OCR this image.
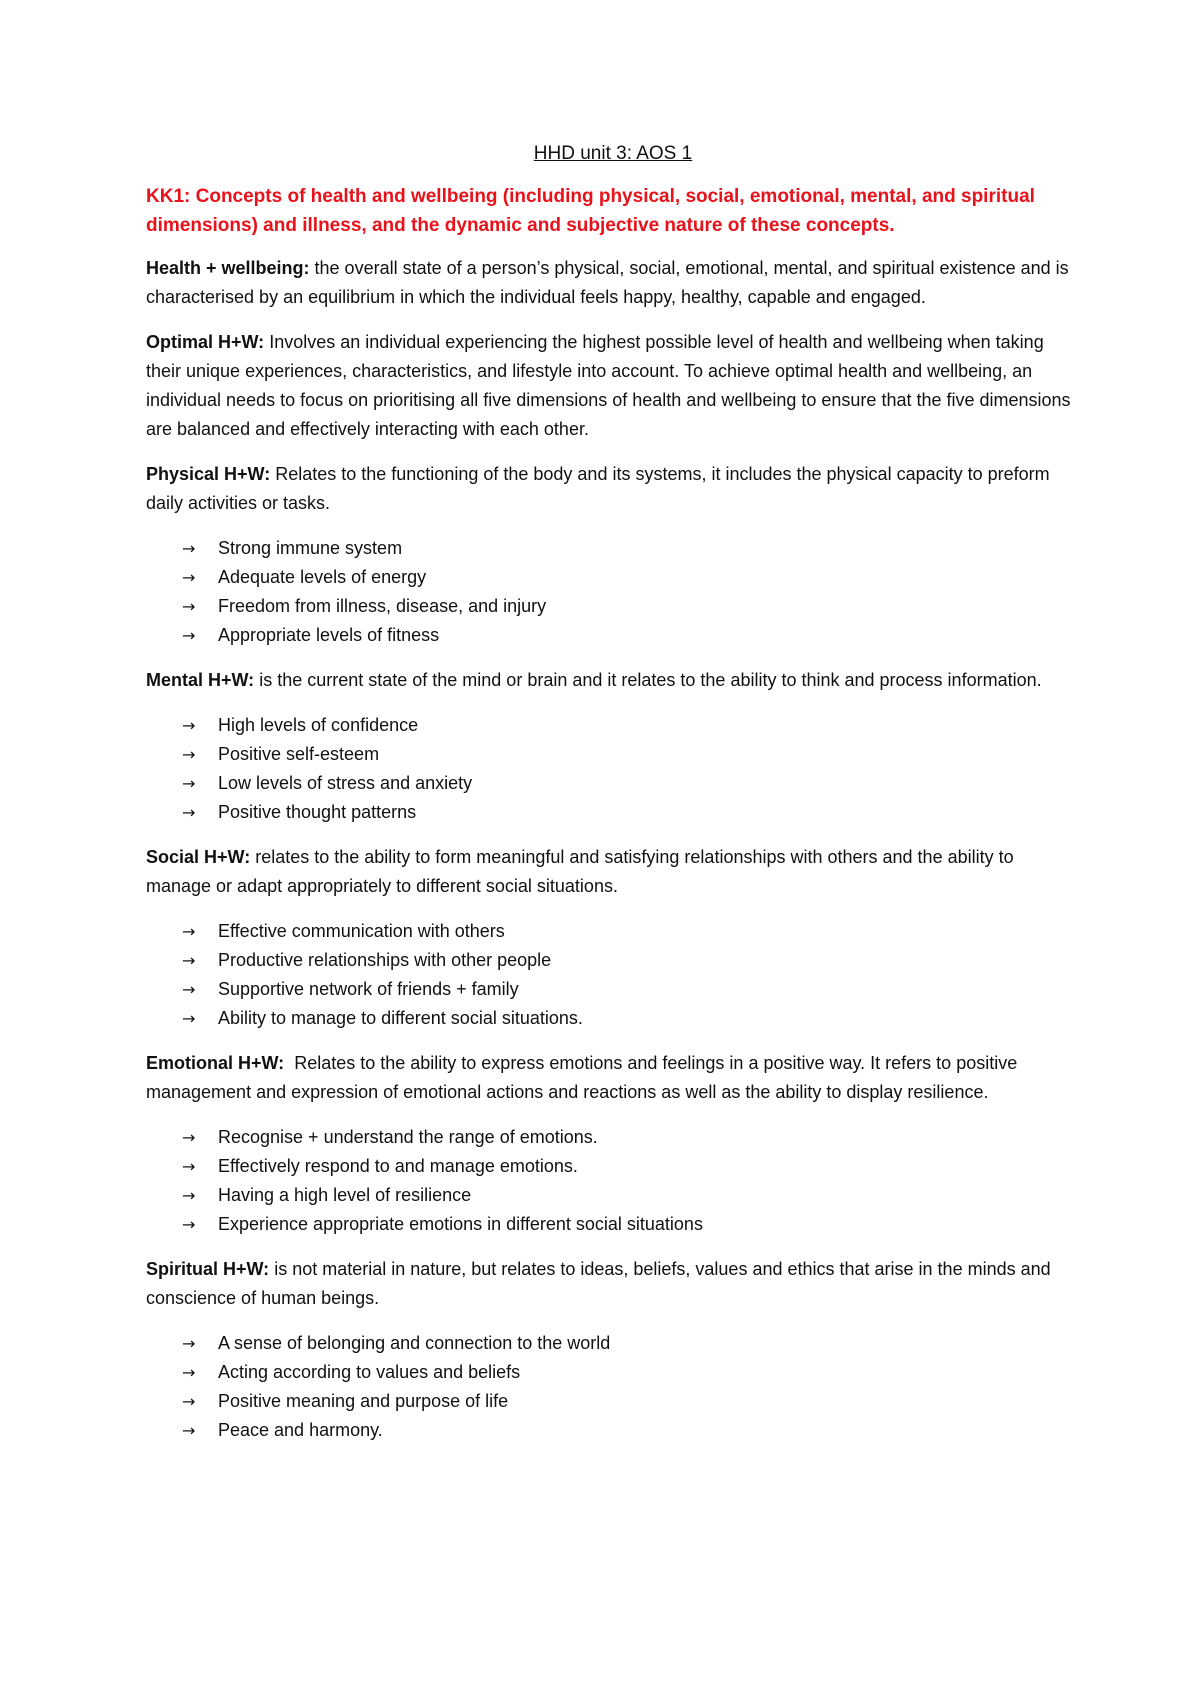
HHD unit 3: AOS 1
KK1: Concepts of health and wellbeing (including physical, social, emotional, mental, and spiritual dimensions) and illness, and the dynamic and subjective nature of these concepts.
Health + wellbeing: the overall state of a person’s physical, social, emotional, mental, and spiritual existence and is characterised by an equilibrium in which the individual feels happy, healthy, capable and engaged.
Optimal H+W: Involves an individual experiencing the highest possible level of health and wellbeing when taking their unique experiences, characteristics, and lifestyle into account. To achieve optimal health and wellbeing, an individual needs to focus on prioritising all five dimensions of health and wellbeing to ensure that the five dimensions are balanced and effectively interacting with each other.
Physical H+W: Relates to the functioning of the body and its systems, it includes the physical capacity to preform daily activities or tasks.
→	Strong immune system
→	Adequate levels of energy
→	Freedom from illness, disease, and injury
→	Appropriate levels of fitness
Mental H+W: is the current state of the mind or brain and it relates to the ability to think and process information.
→	High levels of confidence
→	Positive self-esteem
→	Low levels of stress and anxiety
→	Positive thought patterns
Social H+W: relates to the ability to form meaningful and satisfying relationships with others and the ability to manage or adapt appropriately to different social situations.
→	Effective communication with others
→	Productive relationships with other people
→	Supportive network of friends + family
→	Ability to manage to different social situations.
Emotional H+W:  Relates to the ability to express emotions and feelings in a positive way. It refers to positive management and expression of emotional actions and reactions as well as the ability to display resilience.
→	Recognise + understand the range of emotions.
→	Effectively respond to and manage emotions.
→	Having a high level of resilience
→	Experience appropriate emotions in different social situations
Spiritual H+W: is not material in nature, but relates to ideas, beliefs, values and ethics that arise in the minds and conscience of human beings.
→	A sense of belonging and connection to the world
→	Acting according to values and beliefs
→	Positive meaning and purpose of life
→	Peace and harmony.
